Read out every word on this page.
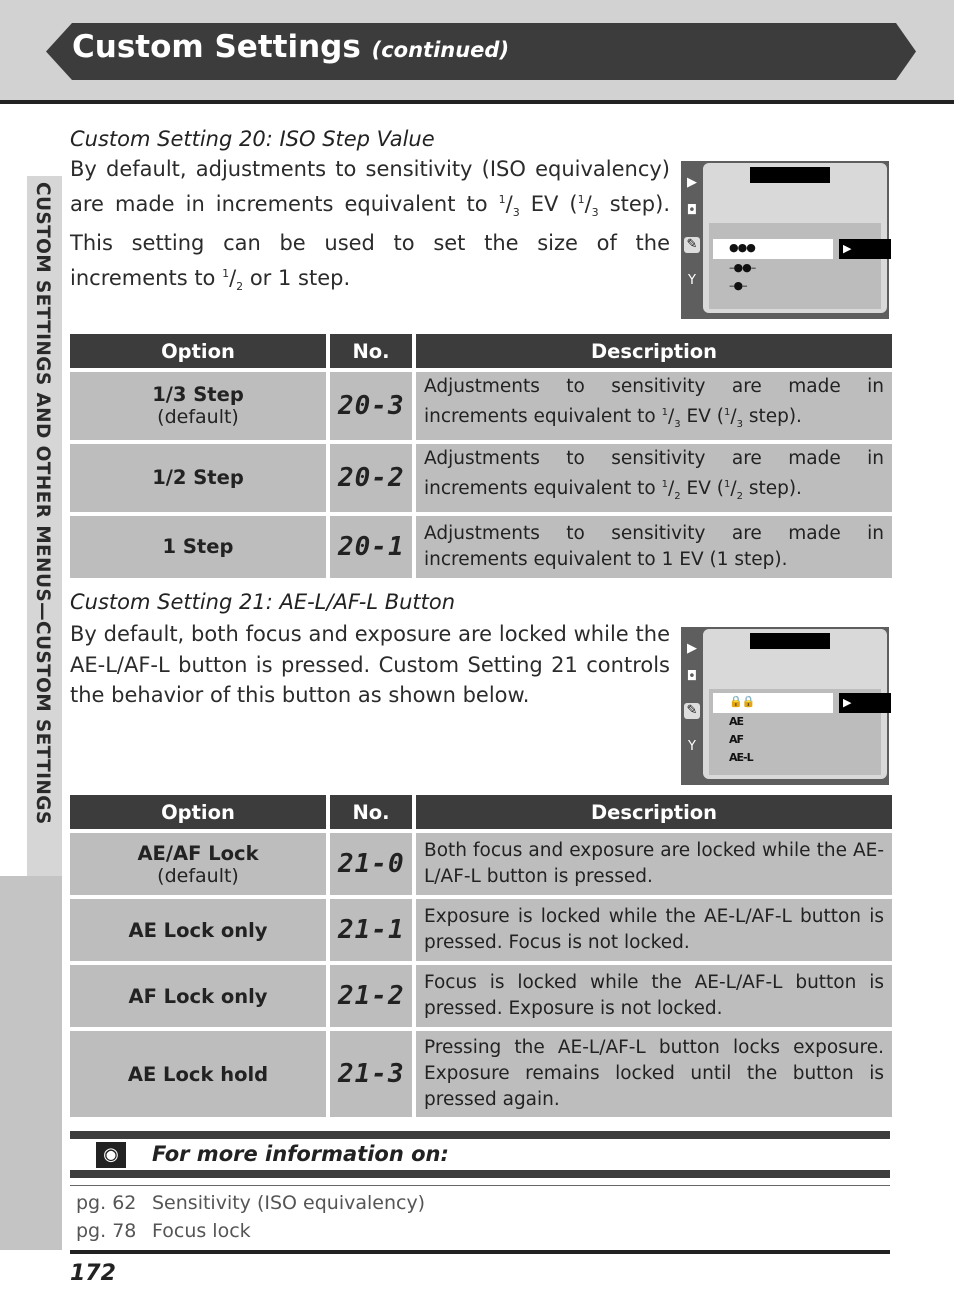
Custom Settings (continued)
CUSTOM SETTINGS AND OTHER MENUS—CUSTOM SETTINGS
Custom Setting 20: ISO Step Value
By default, adjustments to sensitivity (ISO equivalency) are made in increments equivalent to $^1/_3$ EV ($^1/_3$ step). This setting can be used to set the size of the increments to $^1/_2$ or 1 step.
▶
◘
✎
Y
●●●	▶
–●●–
–●–
Option	No.	Description

1/3 Step
(default)	20-3	Adjustments to sensitivity are made in increments equivalent to $^1/_3$ EV ($^1/_3$ step).

1/2 Step	20-2	Adjustments to sensitivity are made in increments equivalent to $^1/_2$ EV ($^1/_2$ step).

1 Step	20-1	Adjustments to sensitivity are made in increments equivalent to 1 EV (1 step).
Custom Setting 21: AE-L/AF-L Button
By default, both focus and exposure are locked while the AE-L/AF-L button is pressed. Custom Setting 21 controls the behavior of this button as shown below.
▶
◘
✎
Y
🔒🔒	▶
AE
AF
AE-L
Option	No.	Description

AE/AF Lock
(default)	21-0	Both focus and exposure are locked while the AE-L/AF-L button is pressed.

AE Lock only	21-1	Exposure is locked while the AE-L/AF-L button is pressed. Focus is not locked.

AF Lock only	21-2	Focus is locked while the AE-L/AF-L button is pressed. Exposure is not locked.

AE Lock hold	21-3	Pressing the AE-L/AF-L button locks exposure. Exposure remains locked until the button is pressed again.
◉	For more information on:
pg. 62 Sensitivity (ISO equivalency)
pg. 78 Focus lock
172
